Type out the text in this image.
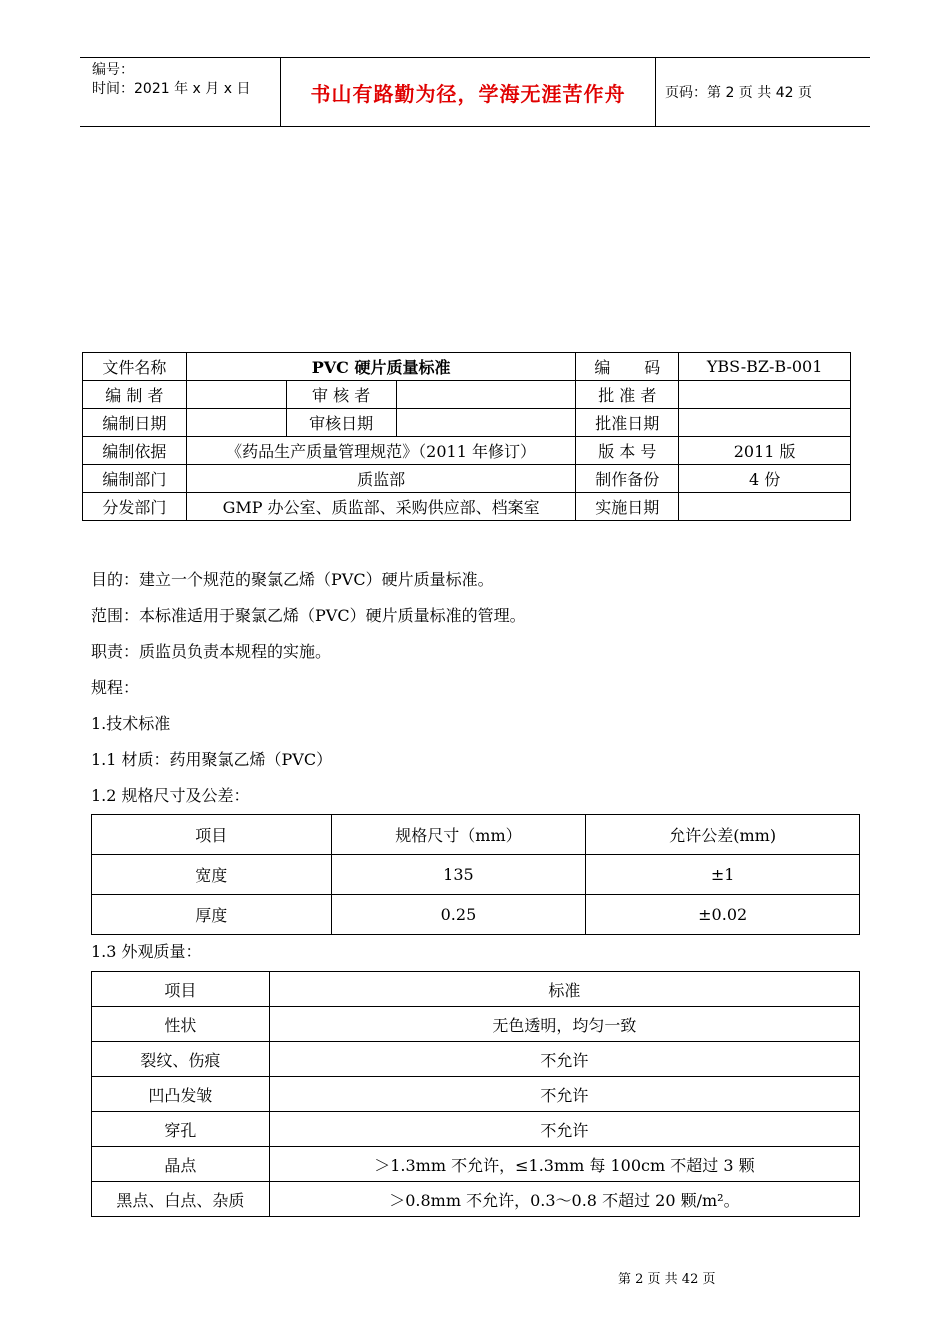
编号：
时间：2021 年 x 月 x 日	书山有路勤为径，学海无涯苦作舟	页码：第 2 页 共 42 页
文件名称	PVC 硬片质量标准			编　码	YBS-BZ-B-001
编 制 者		审 核 者		批 准 者	
编制日期		审核日期		批准日期	
编制依据	《药品生产质量管理规范》（2011 年修订）			版 本 号	2011 版
编制部门	质监部			制作备份	4 份
分发部门	GMP 办公室、质监部、采购供应部、档案室			实施日期	
目的：建立一个规范的聚氯乙烯（PVC）硬片质量标准。
范围：本标准适用于聚氯乙烯（PVC）硬片质量标准的管理。
职责：质监员负责本规程的实施。
规程：
1.技术标准
1.1 材质：药用聚氯乙烯（PVC）
1.2 规格尺寸及公差：
项目	规格尺寸（mm）	允许公差(mm)
宽度	135	±1
厚度	0.25	±0.02
1.3 外观质量：
项目	标准
性状	无色透明，均匀一致
裂纹、伤痕	不允许
凹凸发皱	不允许
穿孔	不允许
晶点	＞1.3mm 不允许，≤1.3mm 每 100cm 不超过 3 颗
黑点、白点、杂质	＞0.8mm 不允许，0.3～0.8 不超过 20 颗/m²。
第 2 页 共 42 页
